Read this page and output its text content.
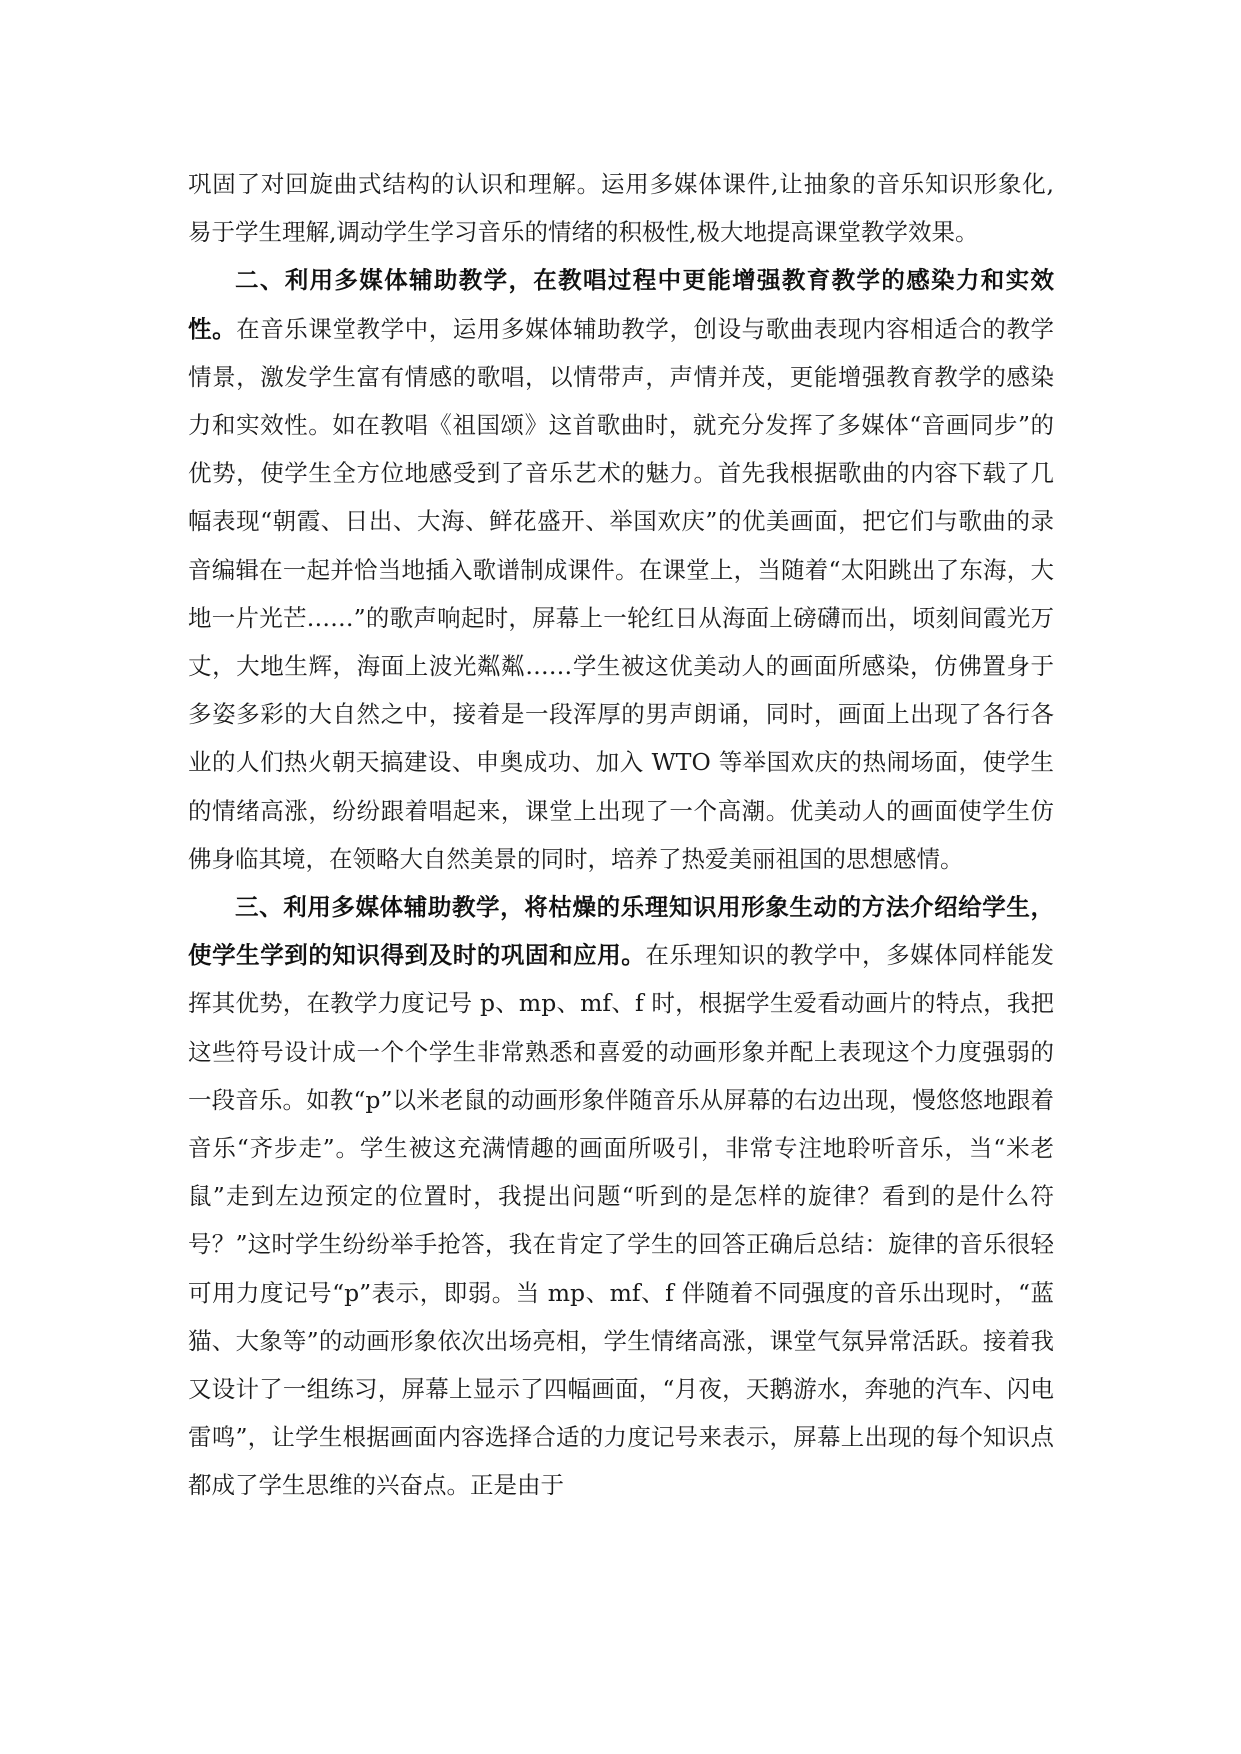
巩固了对回旋曲式结构的认识和理解。运用多媒体课件,让抽象的音乐知识形象化, 易于学生理解,调动学生学习音乐的情绪的积极性,极大地提高课堂教学效果。

二、利用多媒体辅助教学，在教唱过程中更能增强教育教学的感染力和实效性。在音乐课堂教学中，运用多媒体辅助教学，创设与歌曲表现内容相适合的教学情景，激发学生富有情感的歌唱，以情带声，声情并茂，更能增强教育教学的感染力和实效性。如在教唱《祖国颂》这首歌曲时，就充分发挥了多媒体“音画同步”的优势，使学生全方位地感受到了音乐艺术的魅力。首先我根据歌曲的内容下载了几幅表现“朝霞、日出、大海、鲜花盛开、举国欢庆”的优美画面，把它们与歌曲的录音编辑在一起并恰当地插入歌谱制成课件。在课堂上，当随着“太阳跳出了东海，大地一片光芒……”的歌声响起时，屏幕上一轮红日从海面上磅礴而出，顷刻间霞光万丈，大地生辉，海面上波光粼粼……学生被这优美动人的画面所感染，仿佛置身于多姿多彩的大自然之中，接着是一段浑厚的男声朗诵，同时，画面上出现了各行各业的人们热火朝天搞建设、申奥成功、加入 WTO 等举国欢庆的热闹场面，使学生的情绪高涨，纷纷跟着唱起来，课堂上出现了一个高潮。优美动人的画面使学生仿佛身临其境，在领略大自然美景的同时，培养了热爱美丽祖国的思想感情。

三、利用多媒体辅助教学，将枯燥的乐理知识用形象生动的方法介绍给学生，使学生学到的知识得到及时的巩固和应用。在乐理知识的教学中，多媒体同样能发挥其优势，在教学力度记号 p、mp、mf、f 时，根据学生爱看动画片的特点，我把这些符号设计成一个个学生非常熟悉和喜爱的动画形象并配上表现这个力度强弱的一段音乐。如教“p”以米老鼠的动画形象伴随音乐从屏幕的右边出现，慢悠悠地跟着音乐“齐步走”。学生被这充满情趣的画面所吸引，非常专注地聆听音乐，当“米老鼠”走到左边预定的位置时，我提出问题“听到的是怎样的旋律？看到的是什么符号？”这时学生纷纷举手抢答，我在肯定了学生的回答正确后总结：旋律的音乐很轻可用力度记号“p”表示，即弱。当 mp、mf、f 伴随着不同强度的音乐出现时，“蓝猫、大象等”的动画形象依次出场亮相，学生情绪高涨，课堂气氛异常活跃。接着我又设计了一组练习，屏幕上显示了四幅画面，“月夜，天鹅游水，奔驰的汽车、闪电雷鸣”，让学生根据画面内容选择合适的力度记号来表示，屏幕上出现的每个知识点都成了学生思维的兴奋点。正是由于
